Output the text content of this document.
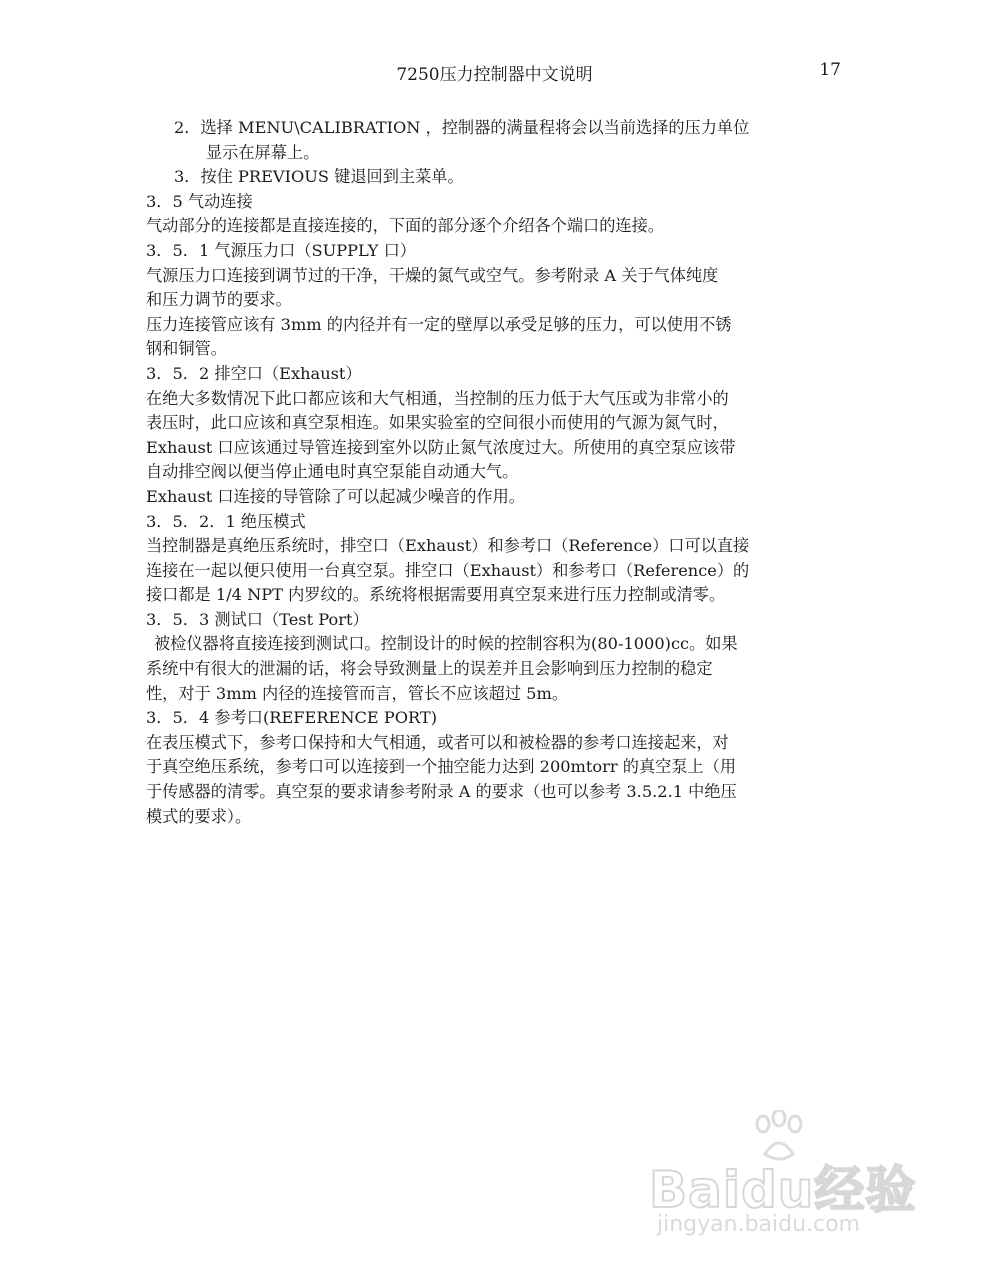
7250压力控制器中文说明	17
2．选择 MENU\CALIBRATION ，控制器的满量程将会以当前选择的压力单位
显示在屏幕上。
3．按住 PREVIOUS 键退回到主菜单。
3．5 气动连接
气动部分的连接都是直接连接的，下面的部分逐个介绍各个端口的连接。
3．5．1 气源压力口（SUPPLY 口）
气源压力口连接到调节过的干净，干燥的氮气或空气。参考附录 A 关于气体纯度
和压力调节的要求。
压力连接管应该有 3mm 的内径并有一定的壁厚以承受足够的压力，可以使用不锈
钢和铜管。
3．5．2 排空口（Exhaust）
在绝大多数情况下此口都应该和大气相通，当控制的压力低于大气压或为非常小的
表压时，此口应该和真空泵相连。如果实验室的空间很小而使用的气源为氮气时，
Exhaust 口应该通过导管连接到室外以防止氮气浓度过大。所使用的真空泵应该带
自动排空阀以便当停止通电时真空泵能自动通大气。
Exhaust 口连接的导管除了可以起减少噪音的作用。
3．5．2．1 绝压模式
当控制器是真绝压系统时，排空口（Exhaust）和参考口（Reference）口可以直接
连接在一起以便只使用一台真空泵。排空口（Exhaust）和参考口（Reference）的
接口都是 1/4 NPT 内罗纹的。系统将根据需要用真空泵来进行压力控制或清零。
3．5．3 测试口（Test Port）
被检仪器将直接连接到测试口。控制设计的时候的控制容积为(80-1000)cc。如果
系统中有很大的泄漏的话，将会导致测量上的误差并且会影响到压力控制的稳定
性，对于 3mm 内径的连接管而言，管长不应该超过 5m。
3．5．4 参考口(REFERENCE PORT)
在表压模式下，参考口保持和大气相通，或者可以和被检器的参考口连接起来，对
于真空绝压系统，参考口可以连接到一个抽空能力达到 200mtorr 的真空泵上（用
于传感器的清零。真空泵的要求请参考附录 A 的要求（也可以参考 3.5.2.1 中绝压
模式的要求）。
Baidu经验
jingyan.baidu.com
